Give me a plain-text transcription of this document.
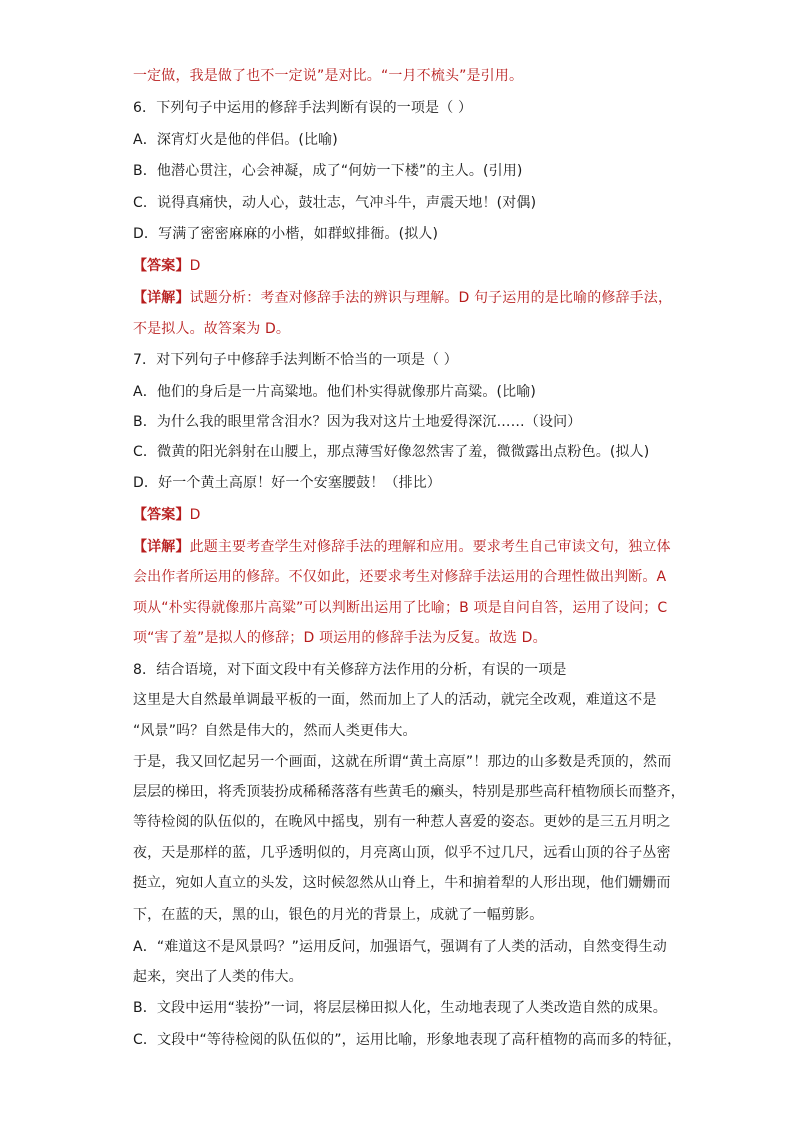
一定做，我是做了也不一定说”是对比。“一月不梳头”是引用。
6．下列句子中运用的修辞手法判断有误的一项是（ ）
A．深宵灯火是他的伴侣。(比喻)
B．他潜心贯注，心会神凝，成了“何妨一下楼”的主人。(引用)
C．说得真痛快，动人心，鼓壮志，气冲斗牛，声震天地！(对偶)
D．写满了密密麻麻的小楷，如群蚁排衙。(拟人)
【答案】D
【详解】试题分析：考查对修辞手法的辨识与理解。D 句子运用的是比喻的修辞手法，
不是拟人。故答案为 D。
7．对下列句子中修辞手法判断不恰当的一项是（ ）
A．他们的身后是一片高粱地。他们朴实得就像那片高粱。(比喻)
B．为什么我的眼里常含泪水？因为我对这片土地爱得深沉……（设问）
C．微黄的阳光斜射在山腰上，那点薄雪好像忽然害了羞，微微露出点粉色。(拟人)
D．好一个黄土高原！好一个安塞腰鼓！（排比）
【答案】D
【详解】此题主要考查学生对修辞手法的理解和应用。要求考生自己审读文句，独立体
会出作者所运用的修辞。不仅如此，还要求考生对修辞手法运用的合理性做出判断。A
项从“朴实得就像那片高粱”可以判断出运用了比喻；B 项是自问自答，运用了设问；C
项“害了羞”是拟人的修辞；D 项运用的修辞手法为反复。故选 D。
8．结合语境，对下面文段中有关修辞方法作用的分析，有误的一项是
这里是大自然最单调最平板的一面，然而加上了人的活动，就完全改观，难道这不是
“风景”吗？自然是伟大的，然而人类更伟大。
于是，我又回忆起另一个画面，这就在所谓“黄土高原”！那边的山多数是秃顶的，然而
层层的梯田，将秃顶装扮成稀稀落落有些黄毛的癞头，特别是那些高秆植物颀长而整齐，
等待检阅的队伍似的，在晚风中摇曳，别有一种惹人喜爱的姿态。更妙的是三五月明之
夜，天是那样的蓝，几乎透明似的，月亮离山顶，似乎不过几尺，远看山顶的谷子丛密
挺立，宛如人直立的头发，这时候忽然从山脊上，牛和掮着犁的人形出现，他们姗姗而
下，在蓝的天，黑的山，银色的月光的背景上，成就了一幅剪影。
A．“难道这不是风景吗？”运用反问，加强语气，强调有了人类的活动，自然变得生动
起来，突出了人类的伟大。
B．文段中运用“装扮”一词，将层层梯田拟人化，生动地表现了人类改造自然的成果。
C．文段中“等待检阅的队伍似的”，运用比喻，形象地表现了高秆植物的高而多的特征，
